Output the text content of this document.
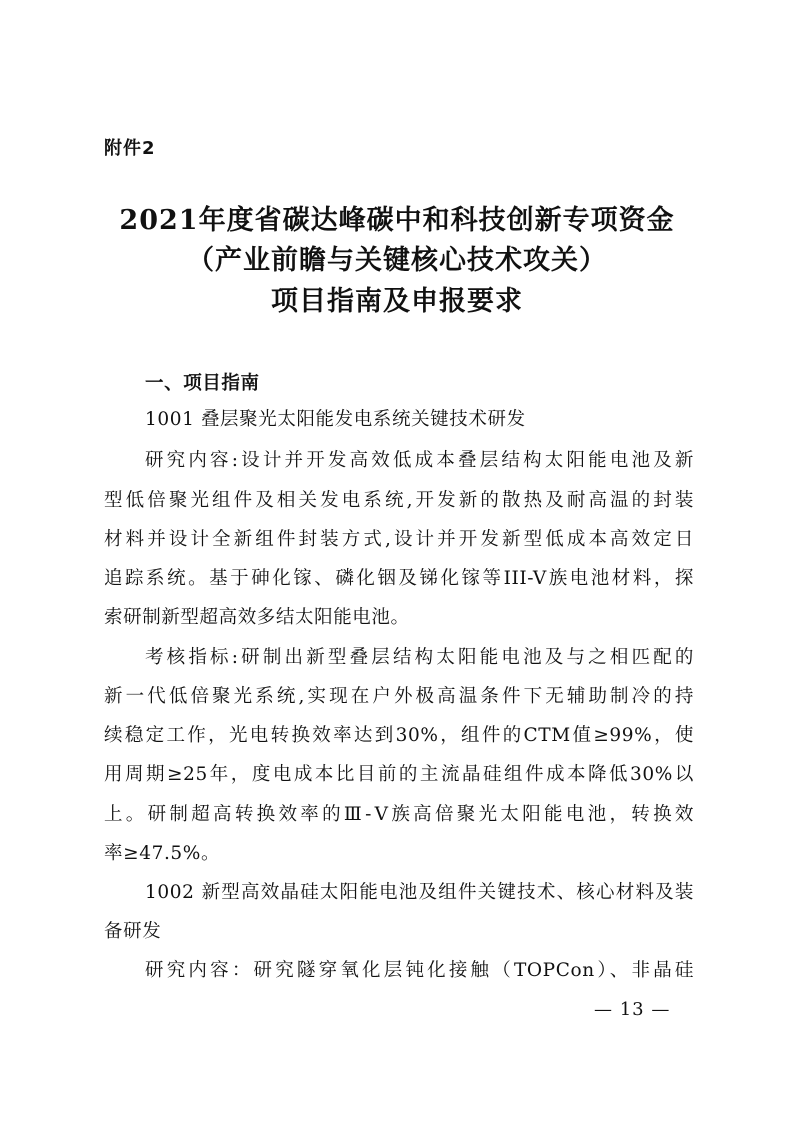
附件2
2021年度省碳达峰碳中和科技创新专项资金
（产业前瞻与关键核心技术攻关）
项目指南及申报要求
一、项目指南
1001 叠层聚光太阳能发电系统关键技术研发
研究内容:设计并开发高效低成本叠层结构太阳能电池及新
型低倍聚光组件及相关发电系统,开发新的散热及耐高温的封装
材料并设计全新组件封装方式,设计并开发新型低成本高效定日
追踪系统。基于砷化镓、磷化铟及锑化镓等III-V族电池材料，探
索研制新型超高效多结太阳能电池。
考核指标:研制出新型叠层结构太阳能电池及与之相匹配的
新一代低倍聚光系统,实现在户外极高温条件下无辅助制冷的持
续稳定工作，光电转换效率达到30%，组件的CTM值≥99%，使
用周期≥25年，度电成本比目前的主流晶硅组件成本降低30%以
上。研制超高转换效率的Ⅲ-Ⅴ族高倍聚光太阳能电池，转换效
率≥47.5%。
1002 新型高效晶硅太阳能电池及组件关键技术、核心材料及装
备研发
研究内容：研究隧穿氧化层钝化接触（TOPCon）、非晶硅
— 13 —
